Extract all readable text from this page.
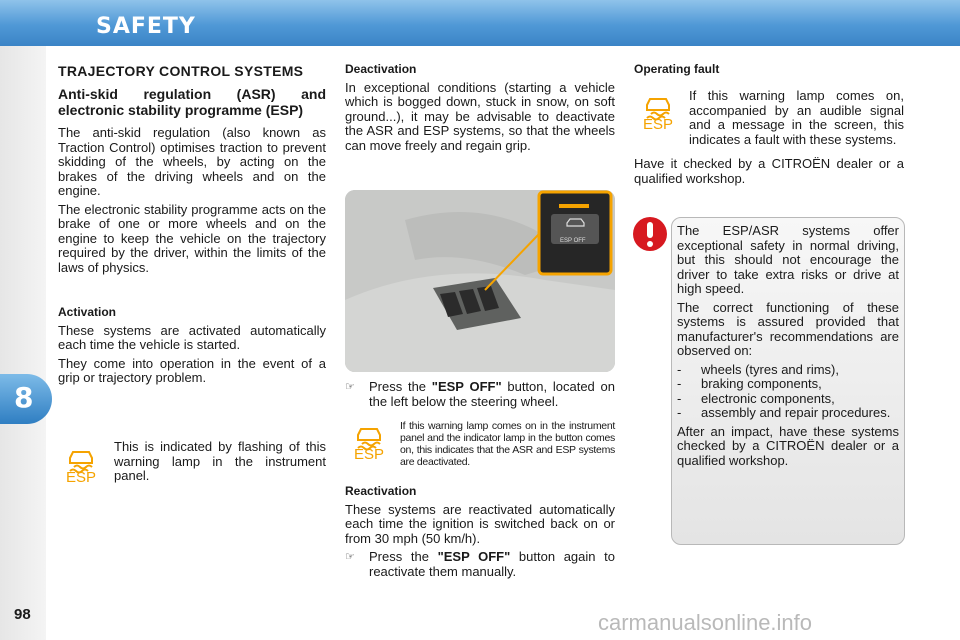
SAFETY
8
98
TRAJECTORY CONTROL SYSTEMS
Anti-skid regulation (ASR) and electronic stability programme (ESP)

The anti-skid regulation (also known as Traction Control) optimises traction to prevent skidding of the wheels, by acting on the brakes of the driving wheels and on the engine.

The electronic stability programme acts on the brake of one or more wheels and on the engine to keep the vehicle on the trajectory required by the driver, within the limits of the laws of physics.

Activation

These systems are activated automatically each time the vehicle is started.

They come into operation in the event of a grip or trajectory problem.

ESP
This is indicated by flashing of this warning lamp in the instrument panel.
Deactivation

In exceptional conditions (starting a vehicle which is bogged down, stuck in snow, on soft ground...), it may be advisable to deactivate the ASR and ESP systems, so that the wheels can move freely and regain grip.

ESP OFF
☞	Press the "ESP OFF" button, located on the left below the steering wheel.
ESP
If this warning lamp comes on in the instrument panel and the indicator lamp in the button comes on, this indicates that the ASR and ESP systems are deactivated.
Reactivation

These systems are reactivated automatically each time the ignition is switched back on or from 30 mph (50 km/h).

☞	Press the "ESP OFF" button again to reactivate them manually.
Operating fault
ESP
If this warning lamp comes on, accompanied by an audible signal and a message in the screen, this indicates a fault with these systems.
Have it checked by a CITROËN dealer or a qualified workshop.

The ESP/ASR systems offer exceptional safety in normal driving, but this should not encourage the driver to take extra risks or drive at high speed.

The correct functioning of these systems is assured provided that manufacturer's recommendations are observed on:

-	wheels (tyres and rims),
-	braking components,
-	electronic components,
-	assembly and repair procedures.

After an impact, have these systems checked by a CITROËN dealer or a qualified workshop.

carmanualsonline.info
